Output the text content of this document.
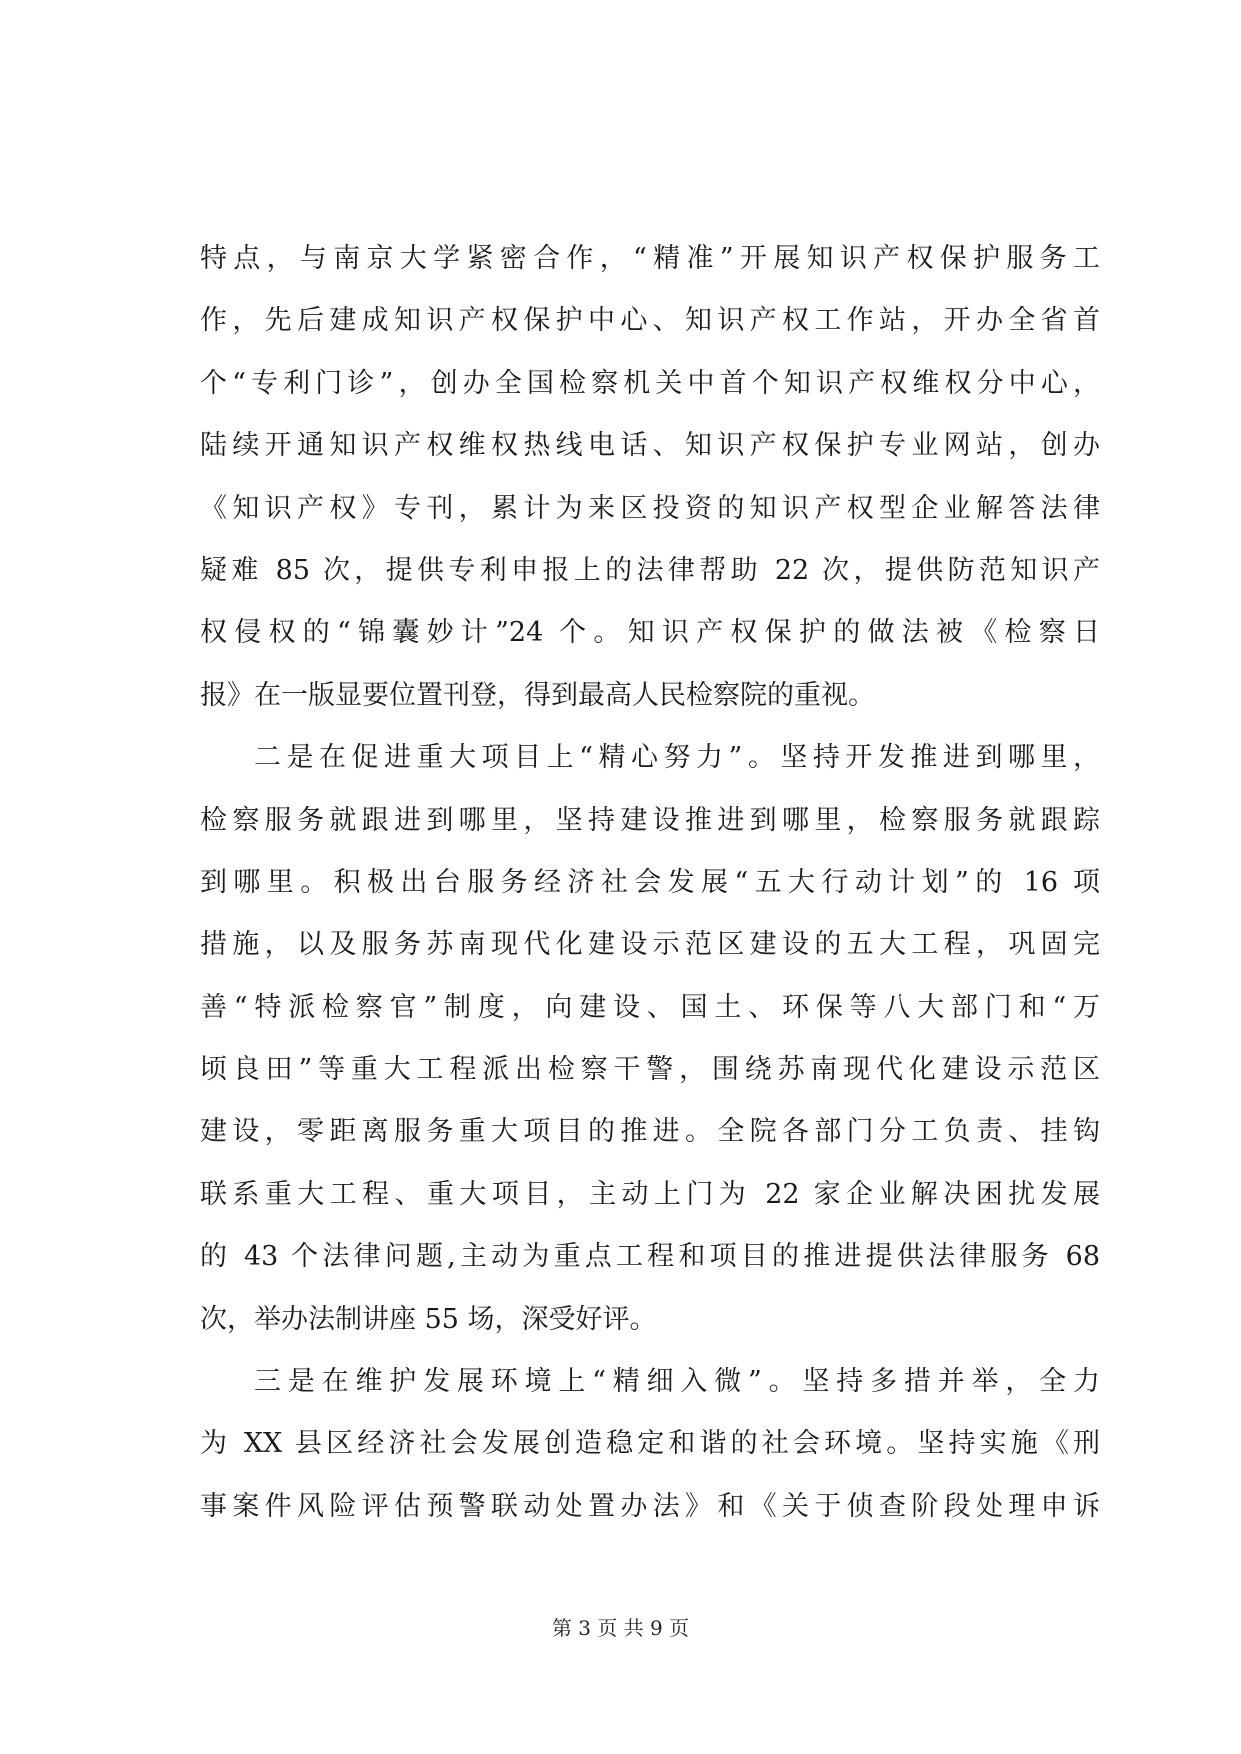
特点，与南京大学紧密合作，“精准”开展知识产权保护服务工
作，先后建成知识产权保护中心、知识产权工作站，开办全省首
个“专利门诊”，创办全国检察机关中首个知识产权维权分中心，
陆续开通知识产权维权热线电话、知识产权保护专业网站，创办
《知识产权》专刊，累计为来区投资的知识产权型企业解答法律
疑难 85 次，提供专利申报上的法律帮助 22 次，提供防范知识产
权侵权的“锦囊妙计”24 个。知识产权保护的做法被《检察日
报》在一版显要位置刊登，得到最高人民检察院的重视。
二是在促进重大项目上“精心努力”。坚持开发推进到哪里，
检察服务就跟进到哪里，坚持建设推进到哪里，检察服务就跟踪
到哪里。积极出台服务经济社会发展“五大行动计划”的 16 项
措施，以及服务苏南现代化建设示范区建设的五大工程，巩固完
善“特派检察官”制度，向建设、国土、环保等八大部门和“万
顷良田”等重大工程派出检察干警，围绕苏南现代化建设示范区
建设，零距离服务重大项目的推进。全院各部门分工负责、挂钩
联系重大工程、重大项目，主动上门为 22 家企业解决困扰发展
的 43 个法律问题,主动为重点工程和项目的推进提供法律服务 68
次，举办法制讲座 55 场，深受好评。
三是在维护发展环境上“精细入微”。坚持多措并举，全力
为 XX 县区经济社会发展创造稳定和谐的社会环境。坚持实施《刑
事案件风险评估预警联动处置办法》和《关于侦查阶段处理申诉
第 3 页 共 9 页
